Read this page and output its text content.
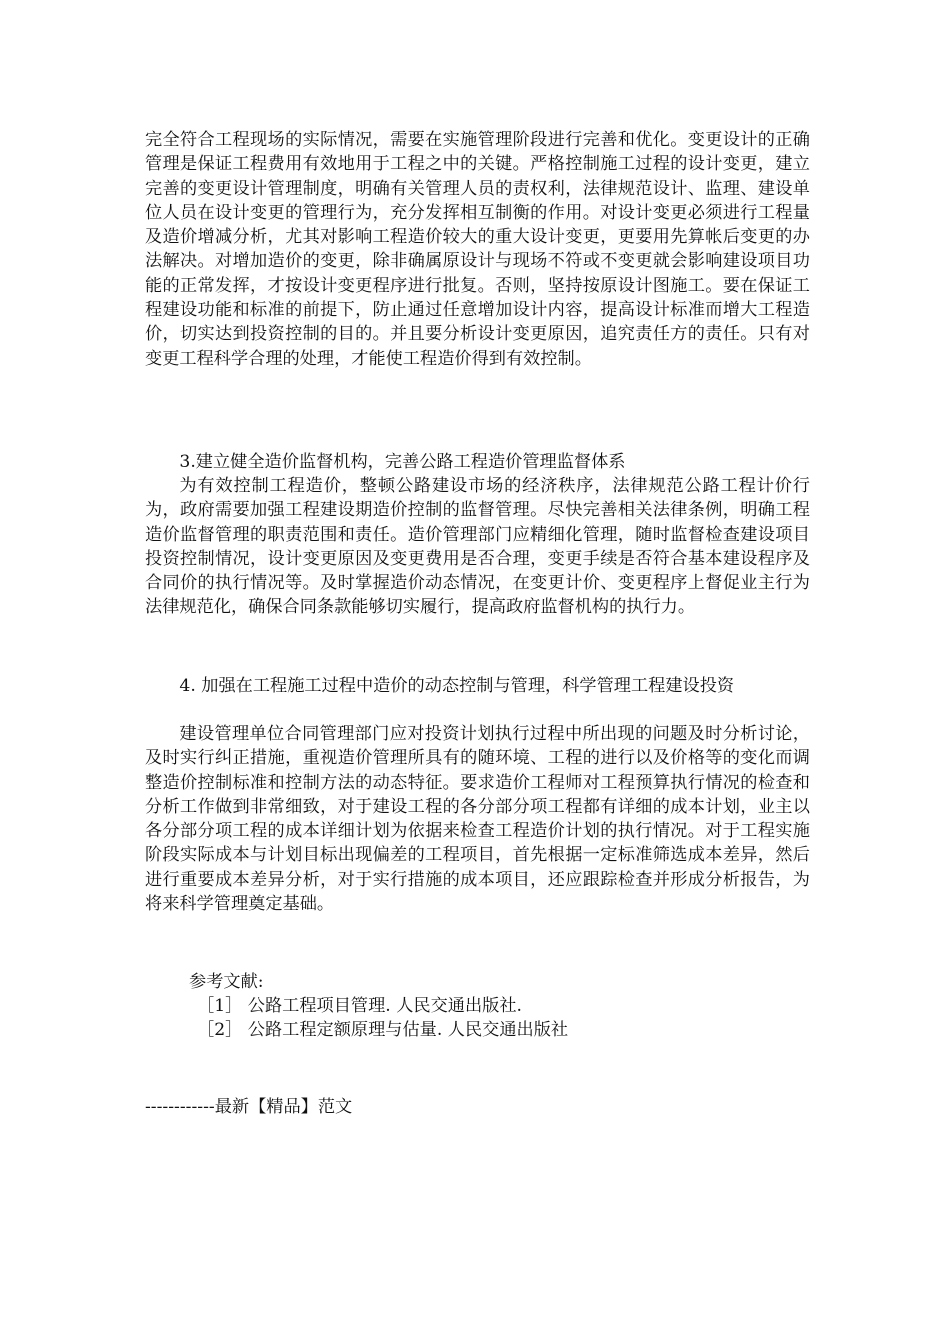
完全符合工程现场的实际情况，需要在实施管理阶段进行完善和优化。变更设计的正确管理是保证工程费用有效地用于工程之中的关键。严格控制施工过程的设计变更，建立完善的变更设计管理制度，明确有关管理人员的责权利，法律规范设计、监理、建设单位人员在设计变更的管理行为，充分发挥相互制衡的作用。对设计变更必须进行工程量及造价增减分析，尤其对影响工程造价较大的重大设计变更，更要用先算帐后变更的办法解决。对增加造价的变更，除非确属原设计与现场不符或不变更就会影响建设项目功能的正常发挥，才按设计变更程序进行批复。否则，坚持按原设计图施工。要在保证工程建设功能和标准的前提下，防止通过任意增加设计内容，提高设计标准而增大工程造价，切实达到投资控制的目的。并且要分析设计变更原因，追究责任方的责任。只有对变更工程科学合理的处理，才能使工程造价得到有效控制。

3.建立健全造价监督机构，完善公路工程造价管理监督体系

为有效控制工程造价，整顿公路建设市场的经济秩序，法律规范公路工程计价行为，政府需要加强工程建设期造价控制的监督管理。尽快完善相关法律条例，明确工程造价监督管理的职责范围和责任。造价管理部门应精细化管理，随时监督检查建设项目投资控制情况，设计变更原因及变更费用是否合理，变更手续是否符合基本建设程序及合同价的执行情况等。及时掌握造价动态情况，在变更计价、变更程序上督促业主行为法律规范化，确保合同条款能够切实履行，提高政府监督机构的执行力。

4. 加强在工程施工过程中造价的动态控制与管理，科学管理工程建设投资

建设管理单位合同管理部门应对投资计划执行过程中所出现的问题及时分析讨论，及时实行纠正措施，重视造价管理所具有的随环境、工程的进行以及价格等的变化而调整造价控制标准和控制方法的动态特征。要求造价工程师对工程预算执行情况的检查和分析工作做到非常细致，对于建设工程的各分部分项工程都有详细的成本计划，业主以各分部分项工程的成本详细计划为依据来检查工程造价计划的执行情况。对于工程实施阶段实际成本与计划目标出现偏差的工程项目，首先根据一定标准筛选成本差异，然后进行重要成本差异分析，对于实行措施的成本项目，还应跟踪检查并形成分析报告，为将来科学管理奠定基础。

参考文献:

［1］ 公路工程项目管理. 人民交通出版社.

［2］ 公路工程定额原理与估量. 人民交通出版社

------------最新【精品】范文
